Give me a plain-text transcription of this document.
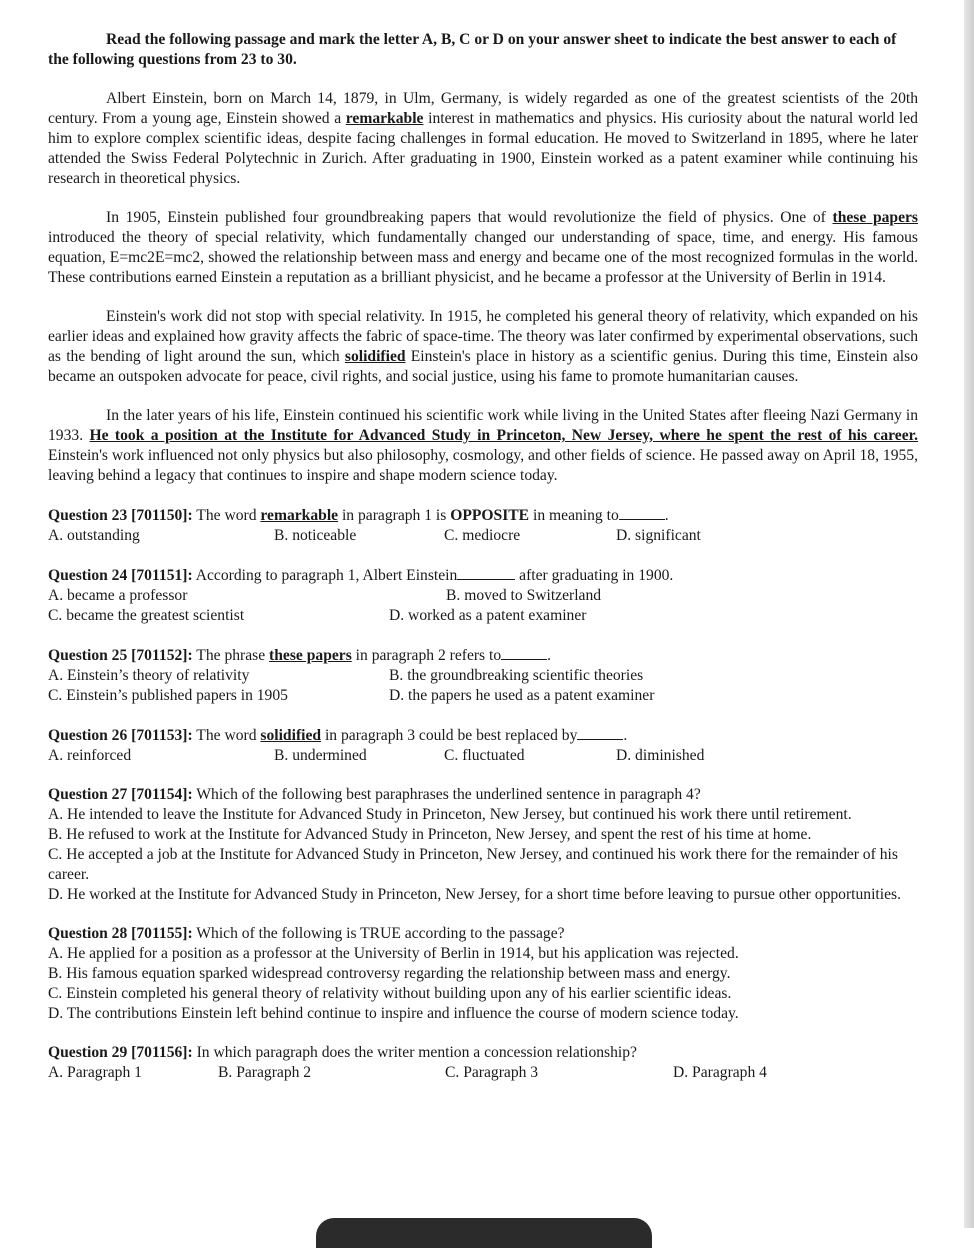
Read the following passage and mark the letter A, B, C or D on your answer sheet to indicate the best answer to each of the following questions from 23 to 30.

Albert Einstein, born on March 14, 1879, in Ulm, Germany, is widely regarded as one of the greatest scientists of the 20th century. From a young age, Einstein showed a remarkable interest in mathematics and physics. His curiosity about the natural world led him to explore complex scientific ideas, despite facing challenges in formal education. He moved to Switzerland in 1895, where he later attended the Swiss Federal Polytechnic in Zurich. After graduating in 1900, Einstein worked as a patent examiner while continuing his research in theoretical physics.

In 1905, Einstein published four groundbreaking papers that would revolutionize the field of physics. One of these papers introduced the theory of special relativity, which fundamentally changed our understanding of space, time, and energy. His famous equation, E=mc2E=mc2, showed the relationship between mass and energy and became one of the most recognized formulas in the world. These contributions earned Einstein a reputation as a brilliant physicist, and he became a professor at the University of Berlin in 1914.

Einstein's work did not stop with special relativity. In 1915, he completed his general theory of relativity, which expanded on his earlier ideas and explained how gravity affects the fabric of space-time. The theory was later confirmed by experimental observations, such as the bending of light around the sun, which solidified Einstein's place in history as a scientific genius. During this time, Einstein also became an outspoken advocate for peace, civil rights, and social justice, using his fame to promote humanitarian causes.

In the later years of his life, Einstein continued his scientific work while living in the United States after fleeing Nazi Germany in 1933. He took a position at the Institute for Advanced Study in Princeton, New Jersey, where he spent the rest of his career. Einstein's work influenced not only physics but also philosophy, cosmology, and other fields of science. He passed away on April 18, 1955, leaving behind a legacy that continues to inspire and shape modern science today.

Question 23 [701150]: The word remarkable in paragraph 1 is OPPOSITE in meaning to	.

A. outstanding	B. noticeable	C. mediocre	D. significant

Question 24 [701151]: According to paragraph 1, Albert Einstein	after graduating in 1900.

A. became a professor	B. moved to Switzerland
C. became the greatest scientist	D. worked as a patent examiner

Question 25 [701152]: The phrase these papers in paragraph 2 refers to	.

A. Einstein’s theory of relativity	B. the groundbreaking scientific theories
C. Einstein’s published papers in 1905	D. the papers he used as a patent examiner

Question 26 [701153]: The word solidified in paragraph 3 could be best replaced by	.

A. reinforced	B. undermined	C. fluctuated	D. diminished

Question 27 [701154]: Which of the following best paraphrases the underlined sentence in paragraph 4?

A. He intended to leave the Institute for Advanced Study in Princeton, New Jersey, but continued his work there until retirement.
B. He refused to work at the Institute for Advanced Study in Princeton, New Jersey, and spent the rest of his time at home.
C. He accepted a job at the Institute for Advanced Study in Princeton, New Jersey, and continued his work there for the remainder of his career.
D. He worked at the Institute for Advanced Study in Princeton, New Jersey, for a short time before leaving to pursue other opportunities.

Question 28 [701155]: Which of the following is TRUE according to the passage?

A. He applied for a position as a professor at the University of Berlin in 1914, but his application was rejected.
B. His famous equation sparked widespread controversy regarding the relationship between mass and energy.
C. Einstein completed his general theory of relativity without building upon any of his earlier scientific ideas.
D. The contributions Einstein left behind continue to inspire and influence the course of modern science today.

Question 29 [701156]: In which paragraph does the writer mention a concession relationship?

A. Paragraph 1	B. Paragraph 2	C. Paragraph 3	D. Paragraph 4
